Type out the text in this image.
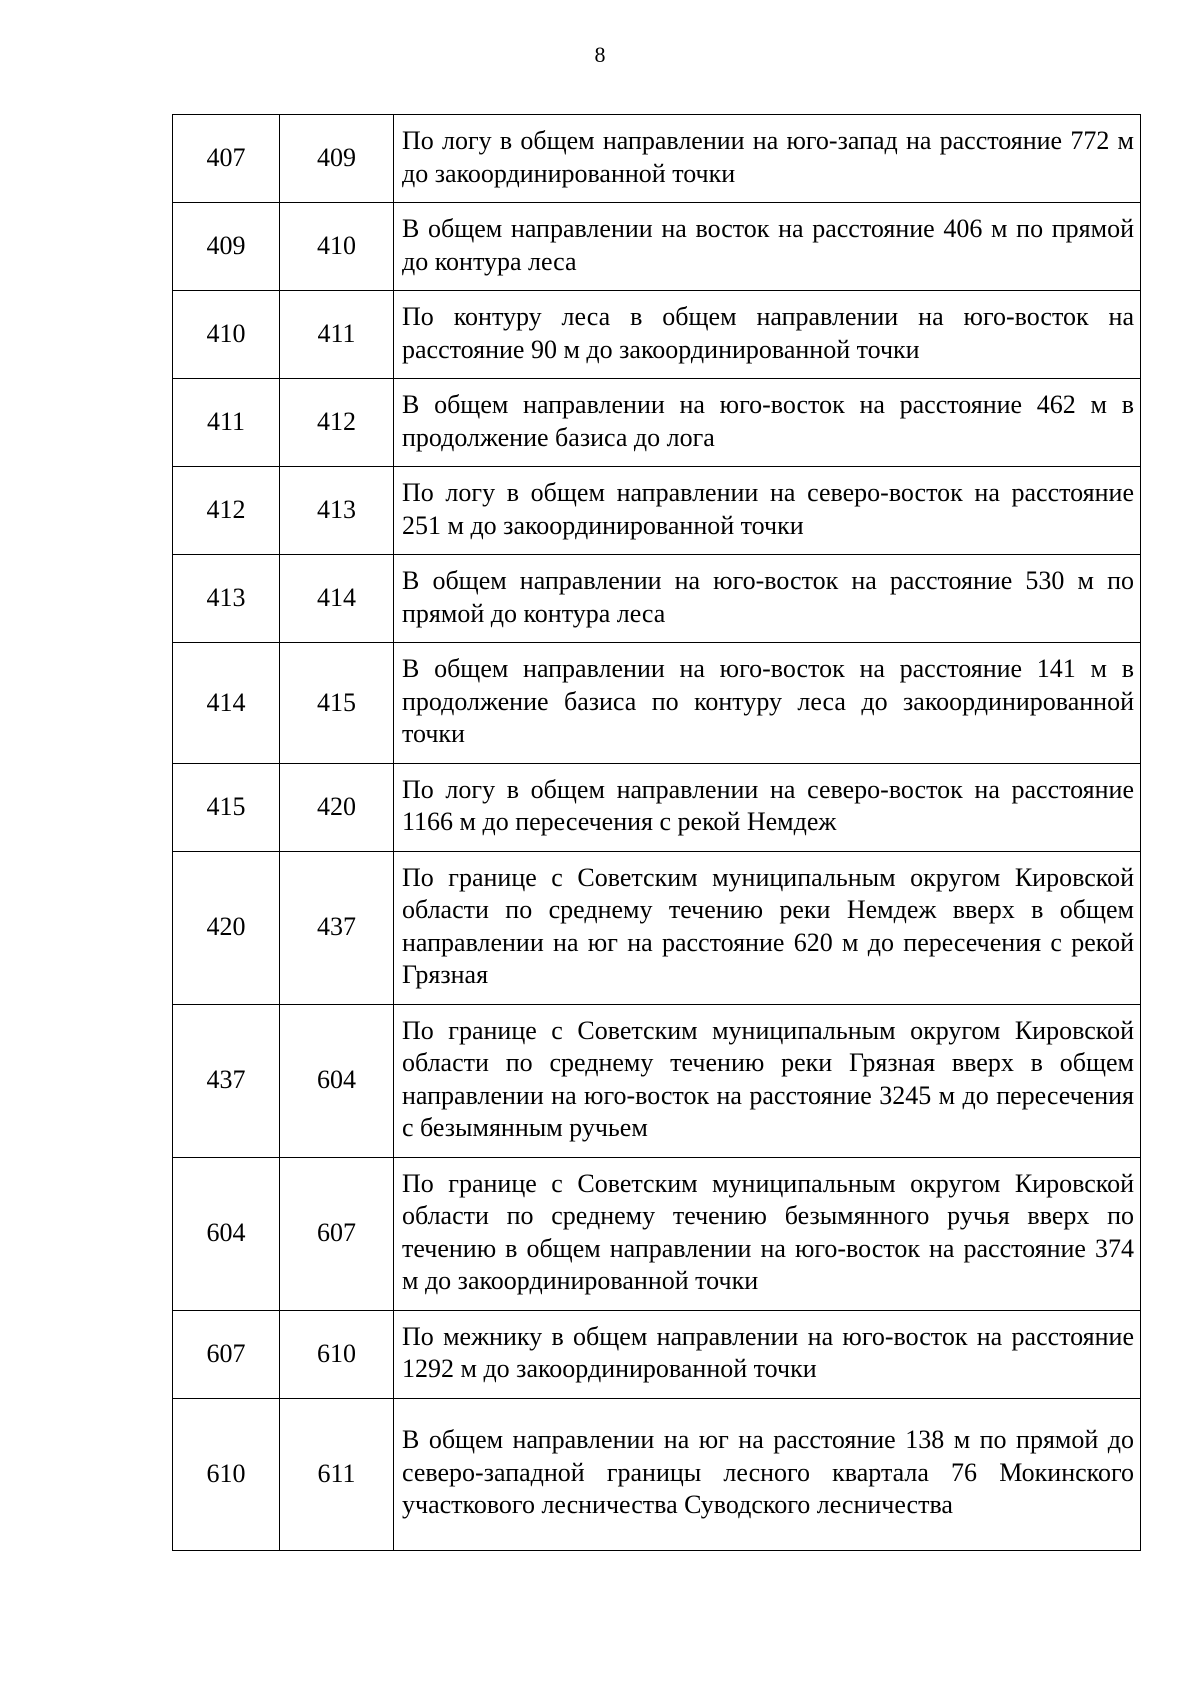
8
407	409	По логу в общем направлении на юго-запад на расстояние 772 м до закоординированной точки
409	410	В общем направлении на восток на расстояние 406 м по прямой до контура леса
410	411	По контуру леса в общем направлении на юго-восток на расстояние 90 м до закоординированной точки
411	412	В общем направлении на юго-восток на расстояние 462 м в продолжение базиса до лога
412	413	По логу в общем направлении на северо-восток на расстояние 251 м до закоординированной точки
413	414	В общем направлении на юго-восток на расстояние 530 м по прямой до контура леса
414	415	В общем направлении на юго-восток на расстояние 141 м в продолжение базиса по контуру леса до закоординированной точки
415	420	По логу в общем направлении на северо-восток на расстояние 1166 м до пересечения с рекой Немдеж
420	437	По границе с Советским муниципальным округом Кировской области по среднему течению реки Немдеж вверх в общем направлении на юг на расстояние 620 м до пересечения с рекой Грязная
437	604	По границе с Советским муниципальным округом Кировской области по среднему течению реки Грязная вверх в общем направлении на юго-восток на расстояние 3245 м до пересечения с безымянным ручьем
604	607	По границе с Советским муниципальным округом Кировской области по среднему течению безымянного ручья вверх по течению в общем направлении на юго-восток на расстояние 374 м до закоординированной точки
607	610	По межнику в общем направлении на юго-восток на расстояние 1292 м до закоординированной точки
610	611	В общем направлении на юг на расстояние 138 м по прямой до северо-западной границы лесного квартала 76 Мокинского участкового лесничества Суводского лесничества
